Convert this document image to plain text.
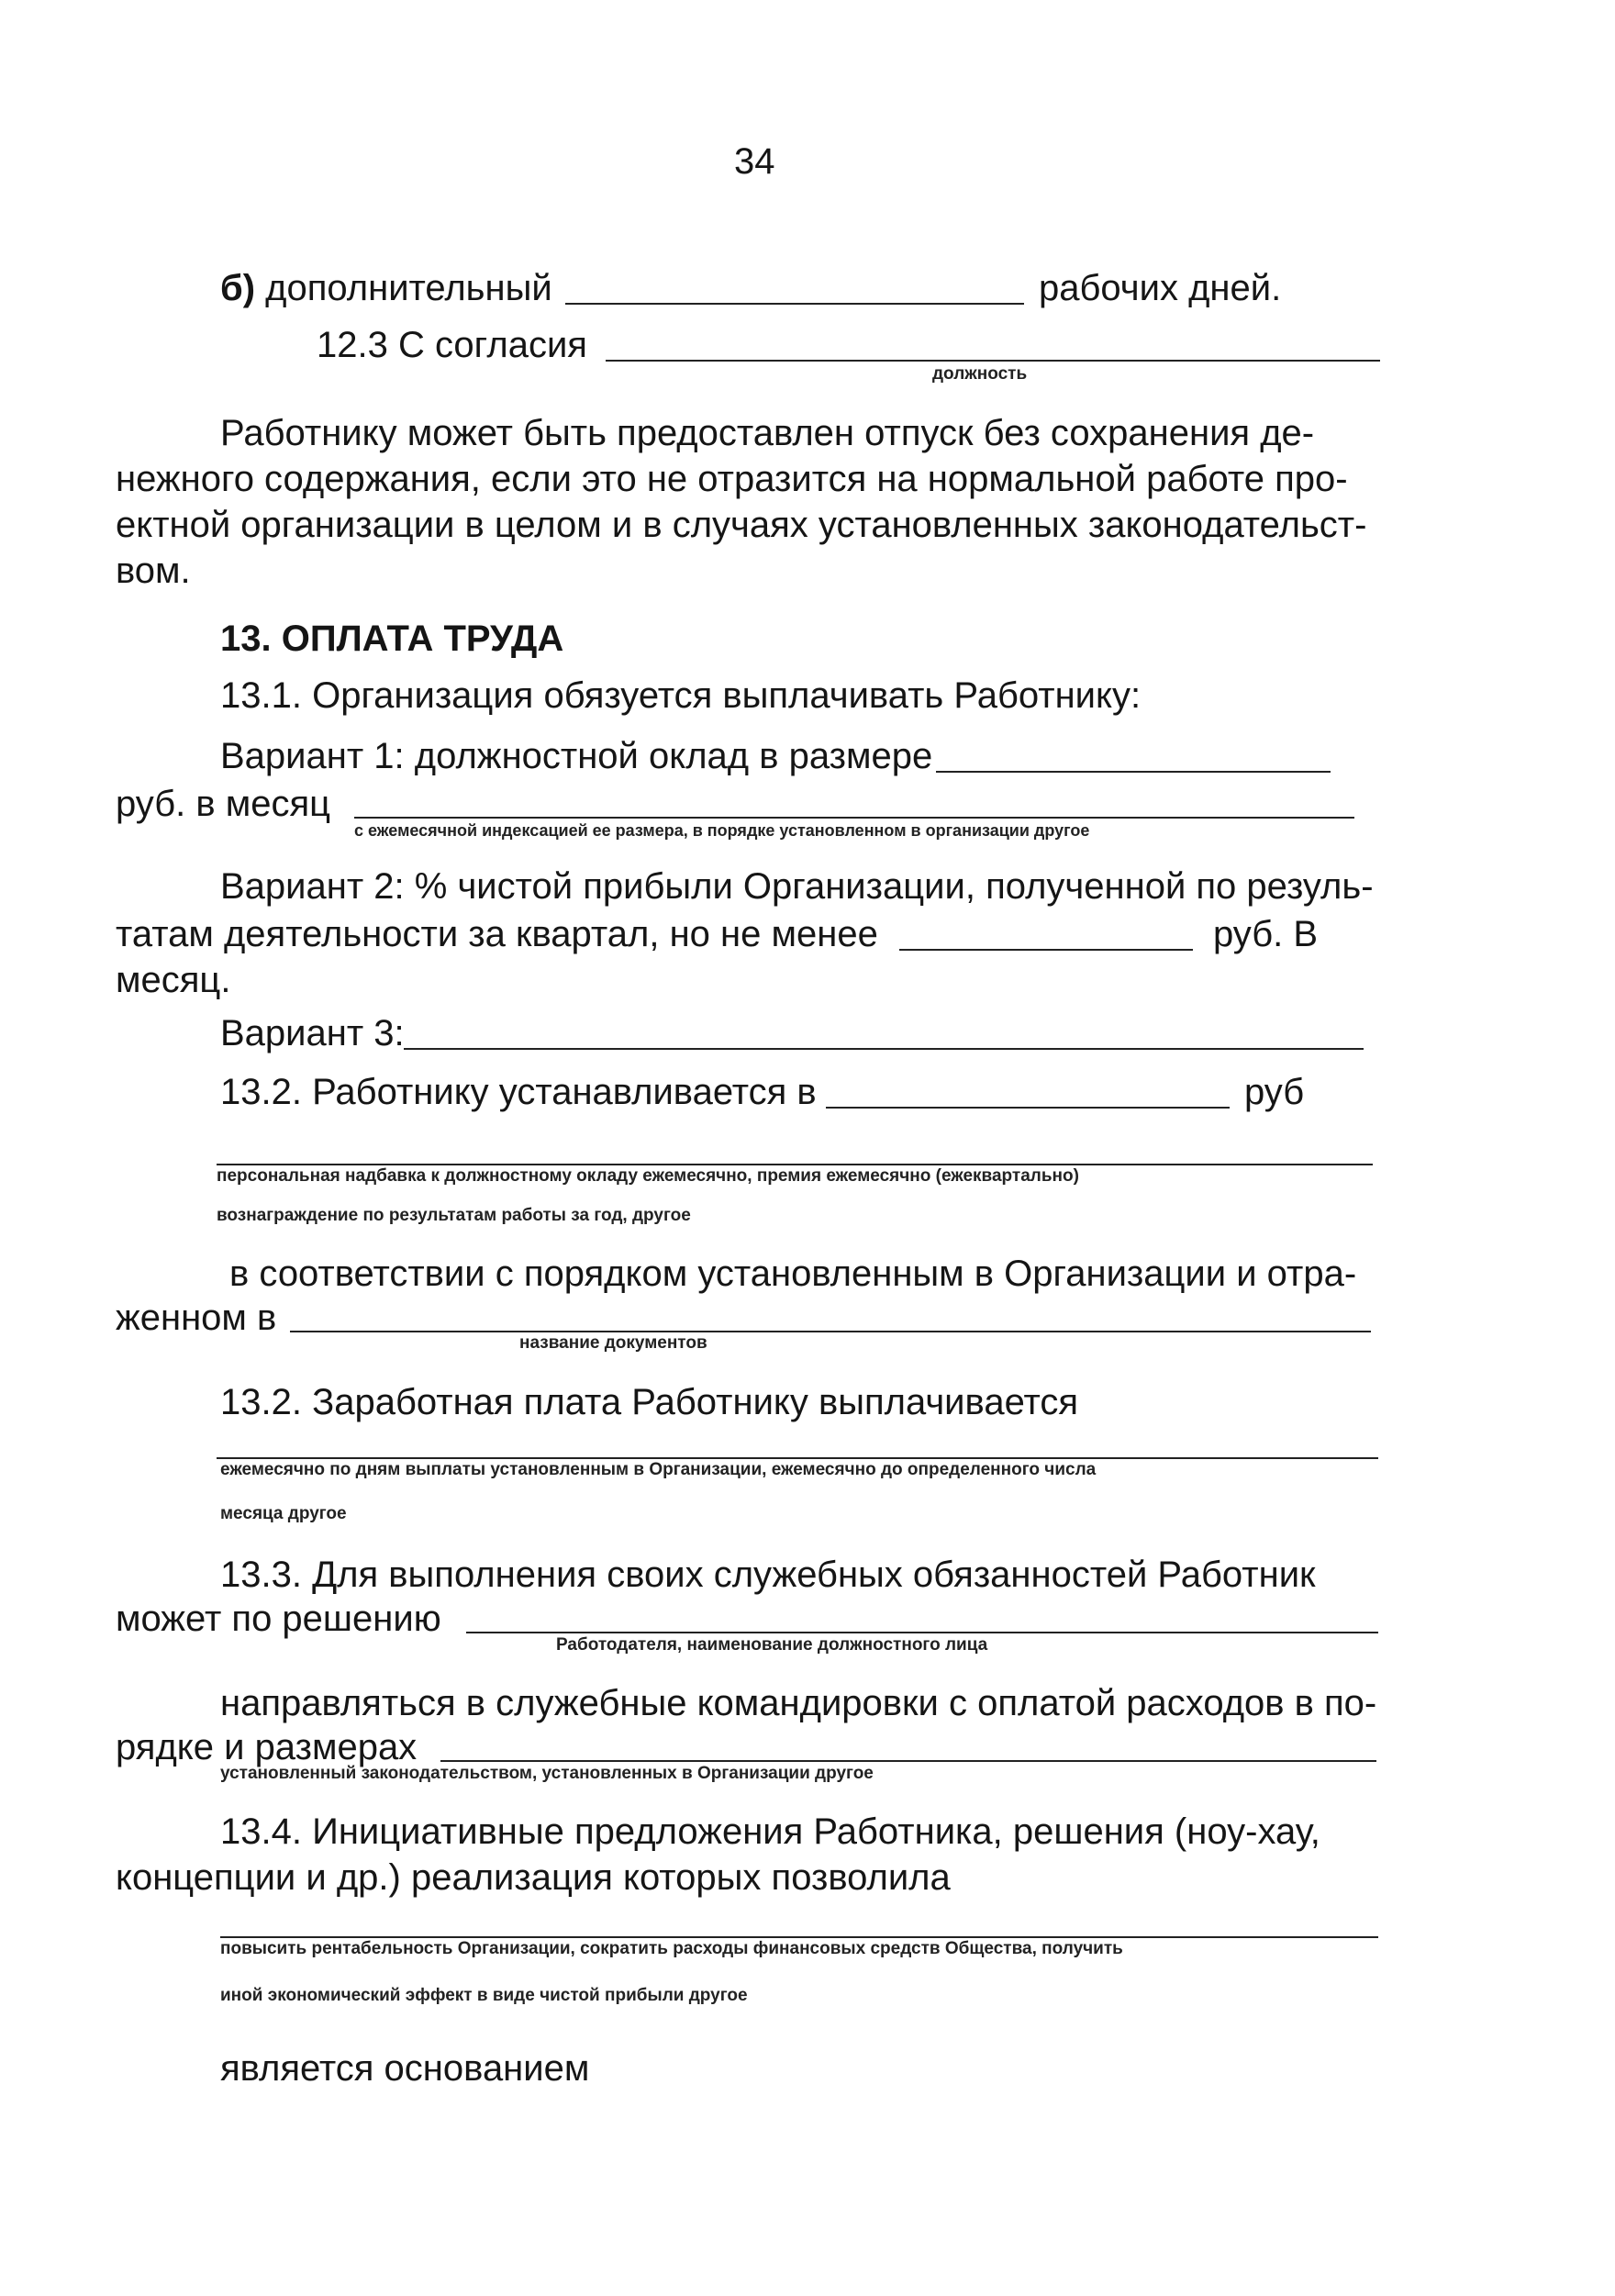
34
б) дополнительный	рабочих дней.
12.3 С согласия
должность
Работнику может быть предоставлен отпуск без сохранения де-
нежного содержания, если это не отразится на нормальной работе про-
ектной организации в целом и в случаях установленных законодательст-
вом.
13. ОПЛАТА ТРУДА
13.1. Организация обязуется выплачивать Работнику:
Вариант 1: должностной оклад в размере
руб. в месяц
с ежемесячной индексацией ее размера, в порядке установленном в организации другое
Вариант 2: % чистой прибыли Организации, полученной по резуль-
татам деятельности за квартал, но не менее	руб. В
месяц.
Вариант 3:
13.2. Работнику устанавливается в	руб
персональная надбавка к должностному окладу ежемесячно, премия ежемесячно (ежеквартально)
вознаграждение по результатам работы за год, другое
в соответствии с порядком установленным в Организации и отра-
женном в
название документов
13.2. Заработная плата Работнику выплачивается
ежемесячно по дням выплаты установленным в Организации, ежемесячно до определенного числа
месяца другое
13.3. Для выполнения своих служебных обязанностей Работник
может по решению
Работодателя, наименование должностного лица
направляться в служебные командировки с оплатой расходов в по-
рядке и размерах
установленный законодательством, установленных в Организации другое
13.4. Инициативные предложения Работника, решения (ноу-хау,
концепции и др.) реализация которых позволила
повысить рентабельность Организации, сократить расходы финансовых средств Общества, получить
иной экономический эффект в виде чистой прибыли другое
является основанием
